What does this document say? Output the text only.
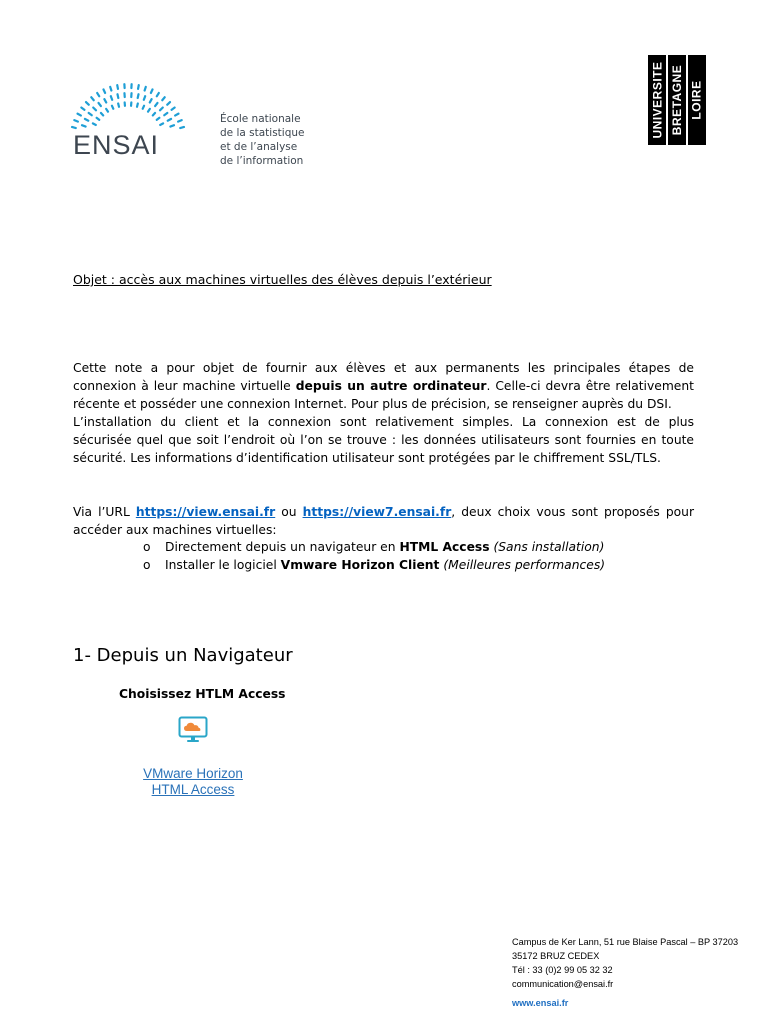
ENSAI
École nationale
de la statistique
et de l’analyse
de l’information
UNIVERSITE BRETAGNE LOIRE
Objet : accès aux machines virtuelles des élèves depuis l’extérieur
Cette note a pour objet de fournir aux élèves et aux permanents les principales étapes de
connexion à leur machine virtuelle depuis un autre ordinateur. Celle-ci devra être relativement
récente et posséder une connexion Internet. Pour plus de précision, se renseigner auprès du DSI.
L’installation du client et la connexion sont relativement simples. La connexion est de plus
sécurisée quel que soit l’endroit où l’on se trouve : les données utilisateurs sont fournies en toute
sécurité. Les informations d’identification utilisateur sont protégées par le chiffrement SSL/TLS.
Via l’URL https://view.ensai.fr ou https://view7.ensai.fr, deux choix vous sont proposés pour
accéder aux machines virtuelles:
o Directement depuis un navigateur en HTML Access (Sans installation)
o Installer le logiciel Vmware Horizon Client (Meilleures performances)
1- Depuis un Navigateur
Choisissez HTLM Access
VMware Horizon
HTML Access
Campus de Ker Lann, 51 rue Blaise Pascal – BP 37203
35172 BRUZ CEDEX
Tél : 33 (0)2 99 05 32 32
communication@ensai.fr
www.ensai.fr
